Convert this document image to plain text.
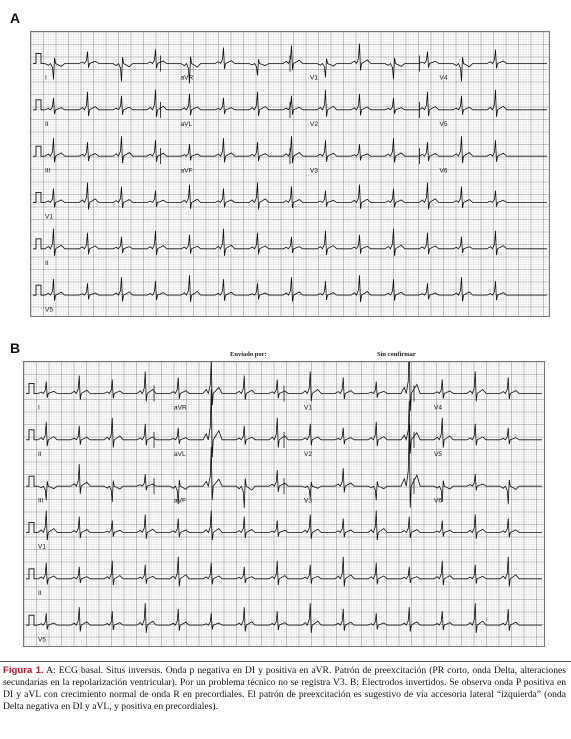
A
I	aVR	V1	V4
II	aVL	V2	V5
III	aVF	V3	V6
V1
II
V5
B	Enviado por:	Sin confirmar
I	aVR	V1	V4
II	aVL	V2	V5
III	aVF	V3	V6
V1
II
V5
Figura 1. A: ECG basal. Situs inversus. Onda p negativa en DI y positiva en aVR. Patrón de preexcitación (PR corto, onda Delta, alteraciones secundarias en la repolarización ventricular). Por un problema técnico no se registra V3. B: Electrodos invertidos. Se observa onda P positiva en DI y aVL con crecimiento normal de onda R en precordiales. El patrón de preexcitación es sugestivo de vía accesoria lateral “izquierda” (onda Delta negativa en DI y aVL, y positiva en precordiales).
